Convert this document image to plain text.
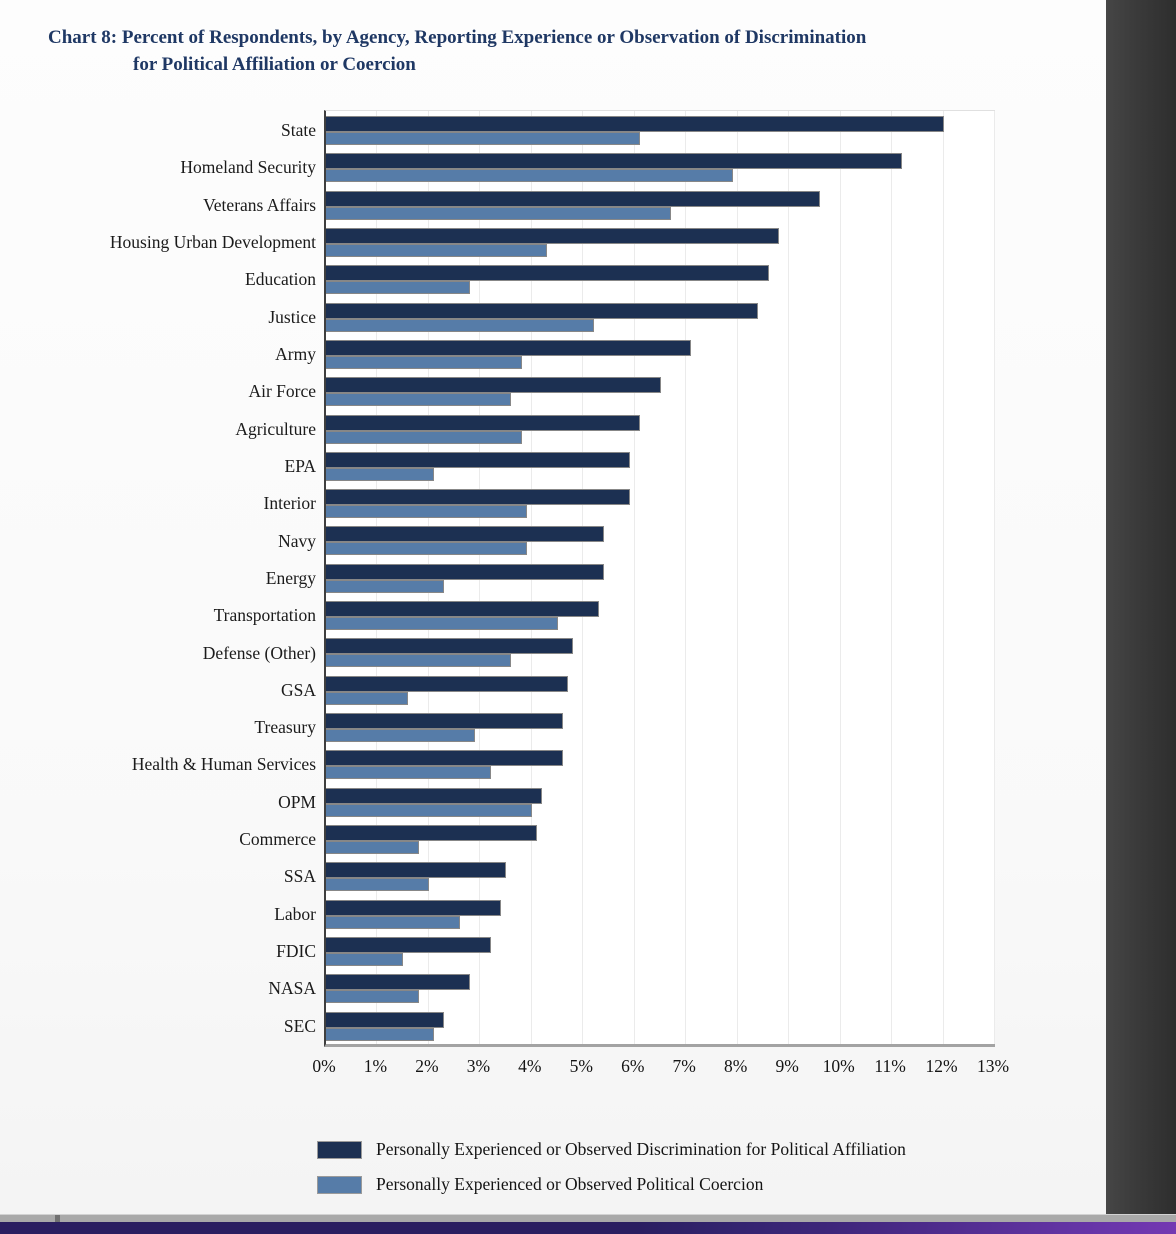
Chart 8: Percent of Respondents, by Agency, Reporting Experience or Observation of Discrimination
for Political Affiliation or Coercion
State
Homeland Security
Veterans Affairs
Housing Urban Development
Education
Justice
Army
Air Force
Agriculture
EPA
Interior
Navy
Energy
Transportation
Defense (Other)
GSA
Treasury
Health & Human Services
OPM
Commerce
SSA
Labor
FDIC
NASA
SEC
0% 1% 2% 3% 4% 5% 6% 7% 8% 9% 10% 11% 12% 13%
Personally Experienced or Observed Discrimination for Political Affiliation
Personally Experienced or Observed Political Coercion
